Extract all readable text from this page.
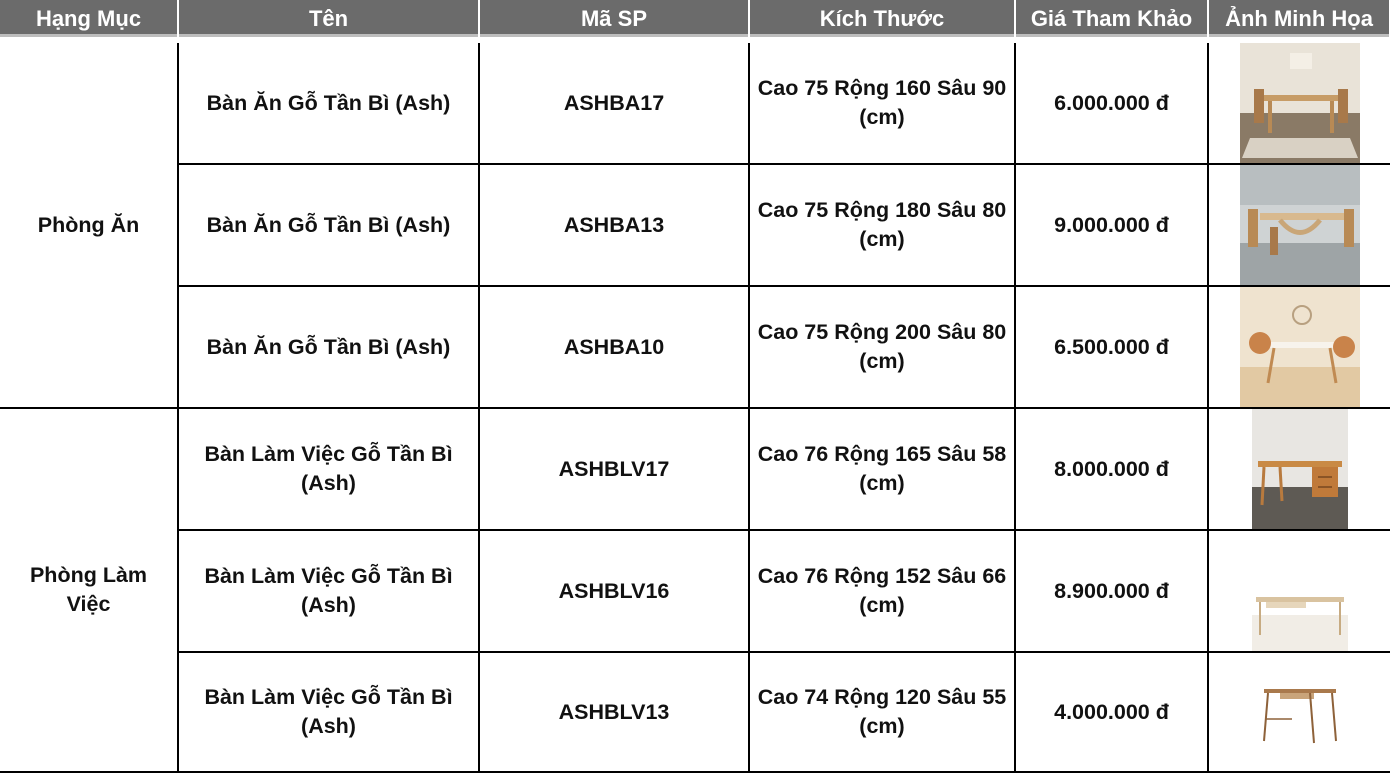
Hạng Mục	Tên	Mã SP	Kích Thước	Giá Tham Khảo	Ảnh Minh Họa

Phòng Ăn	Bàn Ăn Gỗ Tần Bì (Ash)	ASHBA17	Cao 75 Rộng 160 Sâu 90 (cm)	6.000.000 đ	

	Bàn Ăn Gỗ Tần Bì (Ash)	ASHBA13	Cao 75 Rộng 180 Sâu 80 (cm)	9.000.000 đ	

	Bàn Ăn Gỗ Tần Bì (Ash)	ASHBA10	Cao 75 Rộng 200 Sâu 80 (cm)	6.500.000 đ	

Phòng Làm Việc	Bàn Làm Việc Gỗ Tần Bì (Ash)	ASHBLV17	Cao 76 Rộng 165 Sâu 58 (cm)	8.000.000 đ	

	Bàn Làm Việc Gỗ Tần Bì (Ash)	ASHBLV16	Cao 76 Rộng 152 Sâu 66 (cm)	8.900.000 đ	

	Bàn Làm Việc Gỗ Tần Bì (Ash)	ASHBLV13	Cao 74 Rộng 120 Sâu 55 (cm)	4.000.000 đ	
